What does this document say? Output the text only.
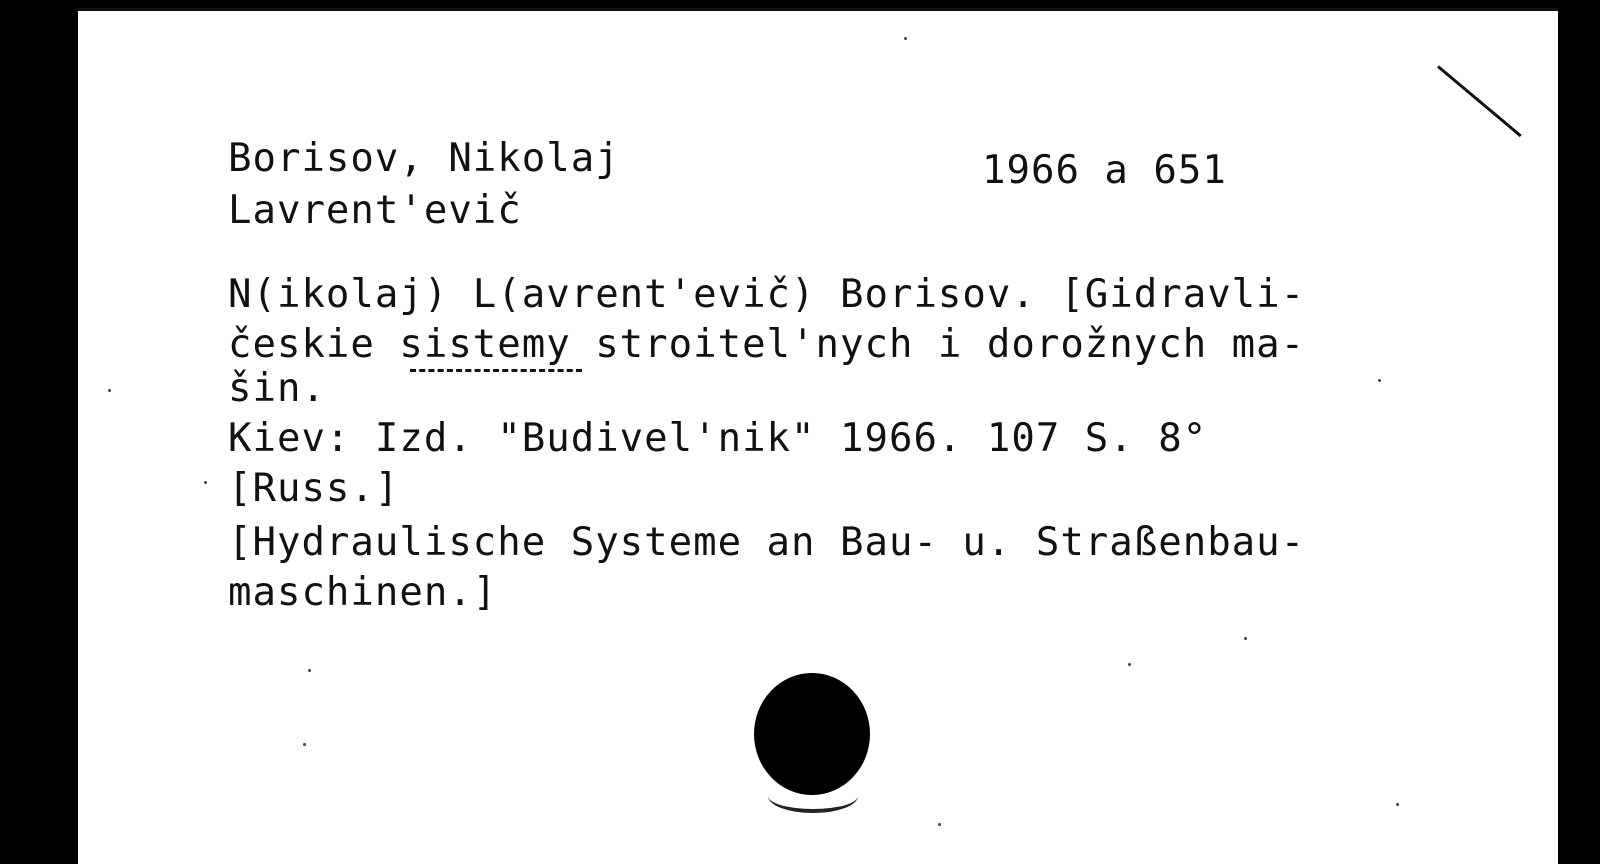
Borisov, Nikolaj
Lavrent'evič
1966 a 651
N(ikolaj) L(avrent'evič) Borisov. [Gidravli-
českie sistemy stroitel'nych i dorožnych ma-
šin.
Kiev: Izd. "Budivel'nik" 1966. 107 S. 8°
[Russ.]
[Hydraulische Systeme an Bau- u. Straßenbau-
maschinen.]
